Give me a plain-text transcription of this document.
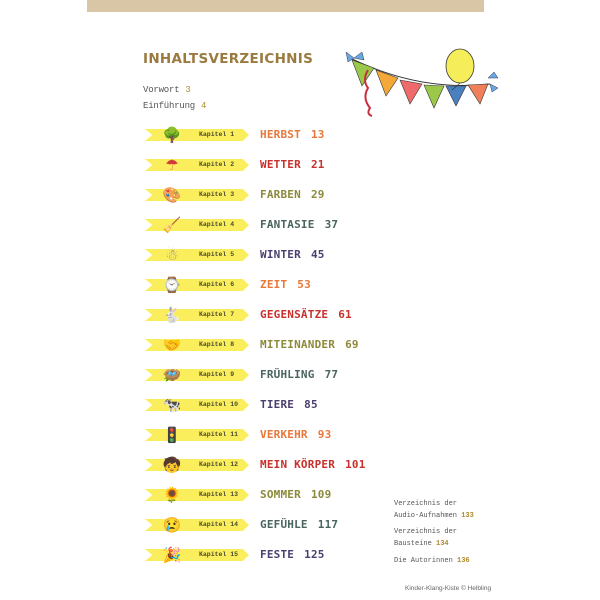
INHALTSVERZEICHNIS
Vorwort 3
Einführung 4
🌳	Kapitel 1 HERBST 13
☂	Kapitel 2 WETTER 21
🎨	Kapitel 3 FARBEN 29
🧹	Kapitel 4 FANTASIE 37
☃	Kapitel 5 WINTER 45
⌚	Kapitel 6 ZEIT 53
🐇	Kapitel 7 GEGENSÄTZE 61
🤝	Kapitel 8 MITEINANDER 69
🪺	Kapitel 9 FRÜHLING 77
🐄	Kapitel 10 TIERE 85
🚦	Kapitel 11 VERKEHR 93
🧒	Kapitel 12 MEIN KÖRPER 101
🌻	Kapitel 13 SOMMER 109
😢	Kapitel 14 GEFÜHLE 117
🎉	Kapitel 15 FESTE 125
Verzeichnis der
Audio-Aufnahmen 133
Verzeichnis der
Bausteine 134
Die Autorinnen 136
Kinder-Klang-Kiste © Helbling
